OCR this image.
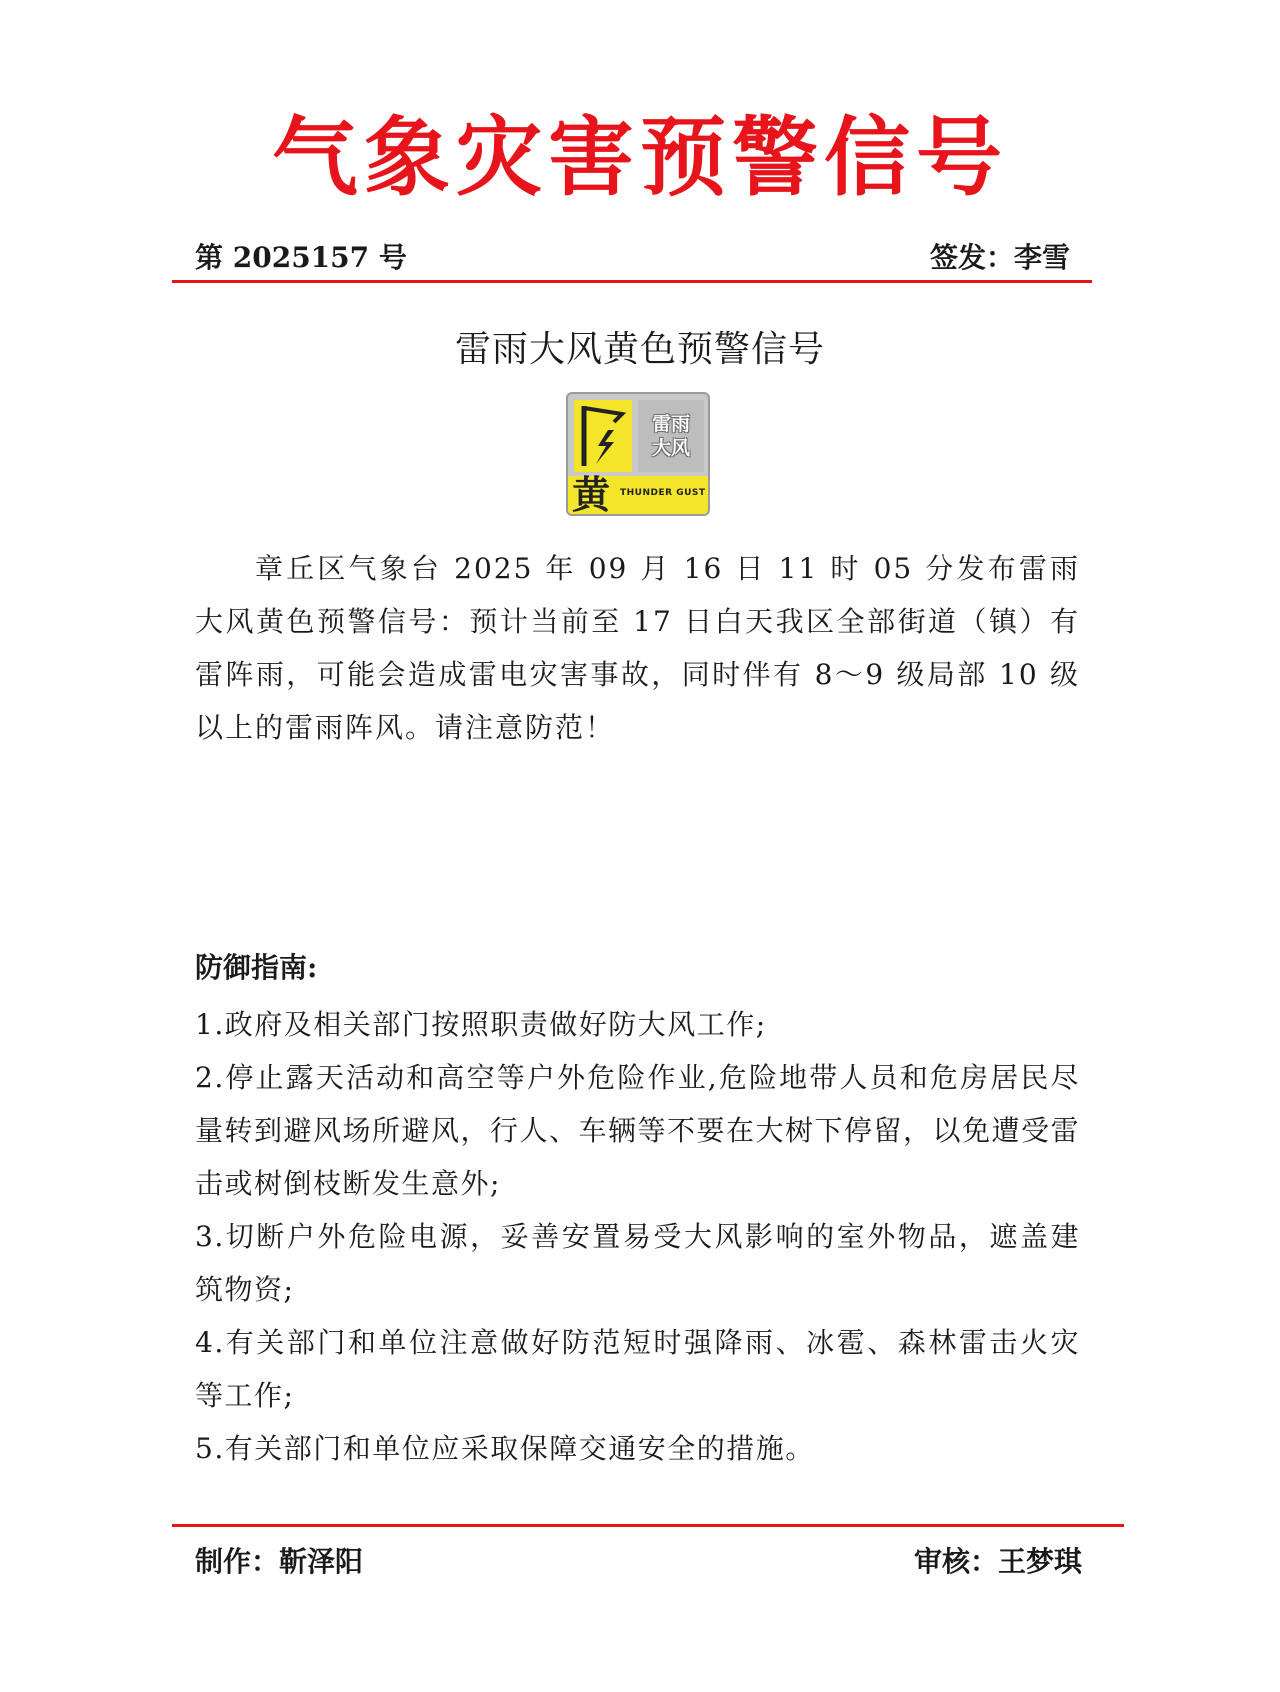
气象灾害预警信号
第 2025157 号	签发：李雪
雷雨大风黄色预警信号
雷雨
大风
黄 THUNDER GUST

章丘区气象台 2025 年 09 月 16 日 11 时 05 分发布雷雨大风黄色预警信号：预计当前至 17 日白天我区全部街道（镇）有雷阵雨，可能会造成雷电灾害事故，同时伴有 8～9 级局部 10 级以上的雷雨阵风。请注意防范！

防御指南:
1.政府及相关部门按照职责做好防大风工作;
2.停止露天活动和高空等户外危险作业,危险地带人员和危房居民尽量转到避风场所避风，行人、车辆等不要在大树下停留，以免遭受雷击或树倒枝断发生意外;
3.切断户外危险电源，妥善安置易受大风影响的室外物品，遮盖建筑物资;
4.有关部门和单位注意做好防范短时强降雨、冰雹、森林雷击火灾等工作;
5.有关部门和单位应采取保障交通安全的措施。
制作：靳泽阳	审核：王梦琪
